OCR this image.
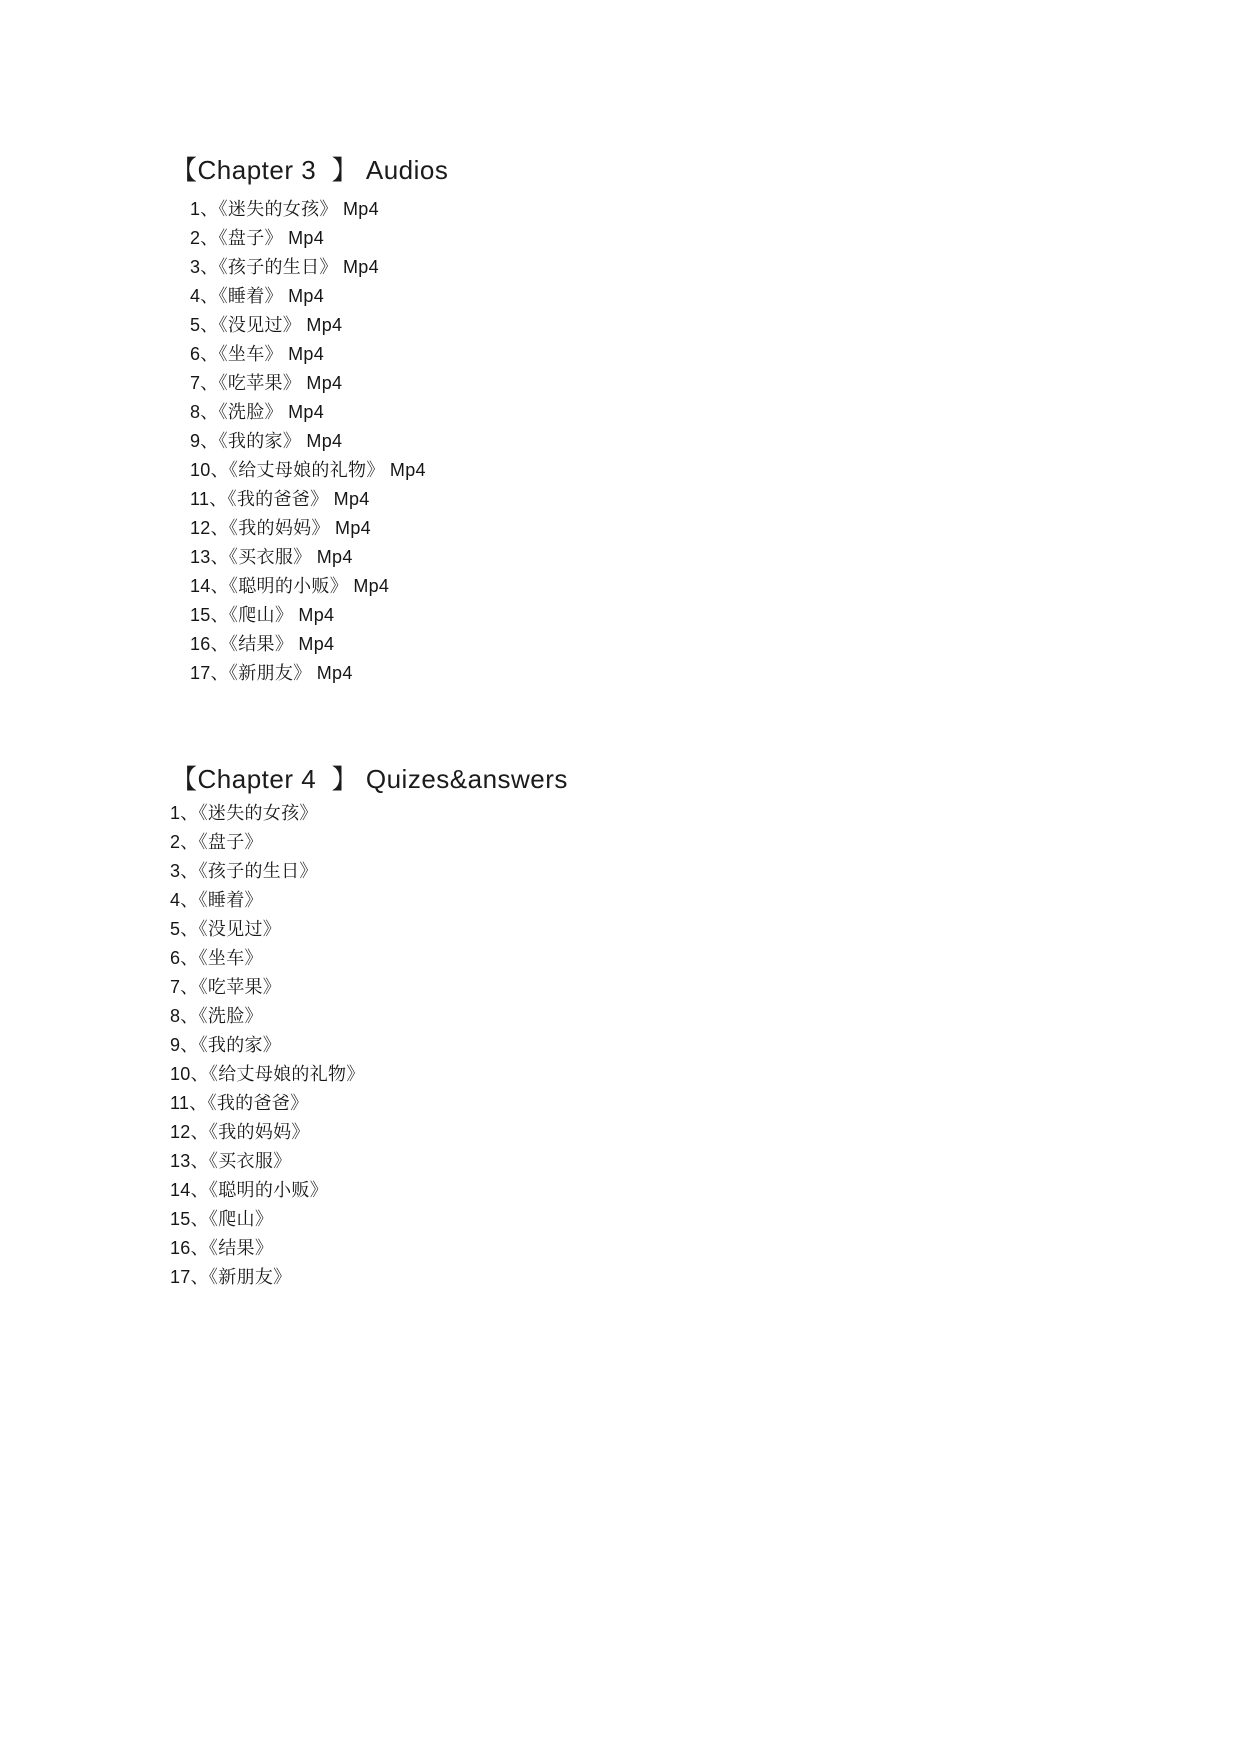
【Chapter 3  】 Audios
1、《迷失的女孩》 Mp4
2、《盘子》 Mp4
3、《孩子的生日》 Mp4
4、《睡着》 Mp4
5、《没见过》 Mp4
6、《坐车》 Mp4
7、《吃苹果》 Mp4
8、《洗脸》 Mp4
9、《我的家》 Mp4
10、《给丈母娘的礼物》 Mp4
11、《我的爸爸》 Mp4
12、《我的妈妈》 Mp4
13、《买衣服》 Mp4
14、《聪明的小贩》 Mp4
15、《爬山》 Mp4
16、《结果》 Mp4
17、《新朋友》 Mp4
【Chapter 4  】 Quizes&answers
1、《迷失的女孩》
2、《盘子》
3、《孩子的生日》
4、《睡着》
5、《没见过》
6、《坐车》
7、《吃苹果》
8、《洗脸》
9、《我的家》
10、《给丈母娘的礼物》
11、《我的爸爸》
12、《我的妈妈》
13、《买衣服》
14、《聪明的小贩》
15、《爬山》
16、《结果》
17、《新朋友》
